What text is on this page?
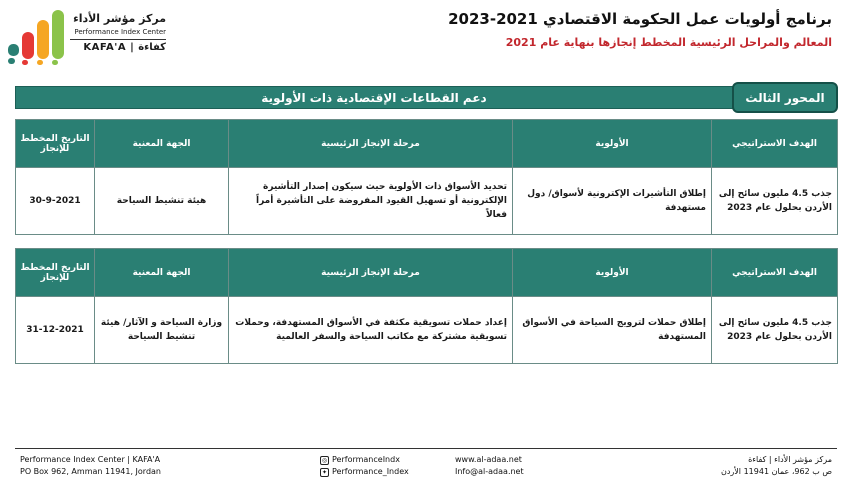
برنامج أولويات عمل الحكومة الاقتصادي 2021-2023
المعالم والمراحل الرئيسية المخطط إنجازها بنهاية عام 2021
مركز مؤشر الأداء
Performance Index Center
KAFA'A | كفاءة
دعم القطاعات الإقتصادية ذات الأولوية	المحور الثالث
الهدف الاستراتيجي	الأولوية	مرحلة الإنجاز الرئيسية	الجهة المعنية	التاريخ المخطط للإنجاز
جذب 4.5 مليون سائح إلى الأردن بحلول عام 2023	إطلاق التأشيرات الإكترونية لأسواق/ دول مستهدفة	تحديد الأسواق ذات الأولوية حيث سيكون إصدار التأشيرة الإلكترونية أو تسهيل القيود المفروضة على التأشيرة أمراً فعالاً	هيئة تنشيط السياحة	30-9-2021
الهدف الاستراتيجي	الأولوية	مرحلة الإنجاز الرئيسية	الجهة المعنية	التاريخ المخطط للإنجاز
جذب 4.5 مليون سائح إلى الأردن بحلول عام 2023	إطلاق حملات لترويج السياحة في الأسواق المستهدفة	إعداد حملات تسويقية مكثفة في الأسواق المستهدفة، وحملات تسويقية مشتركة مع مكاتب السياحة والسفر العالمية	وزارة السياحة و الآثار/ هيئة تنشيط السياحة	31-12-2021
Performance Index Center | KAFA'A
PO Box 962, Amman 11941, Jordan
◎ PerformanceIndx
✦ Performance_Index
www.al-adaa.net
Info@al-adaa.net
مركز مؤشر الأداء | كفاءة
ص ب 962، عمان 11941 الأردن
